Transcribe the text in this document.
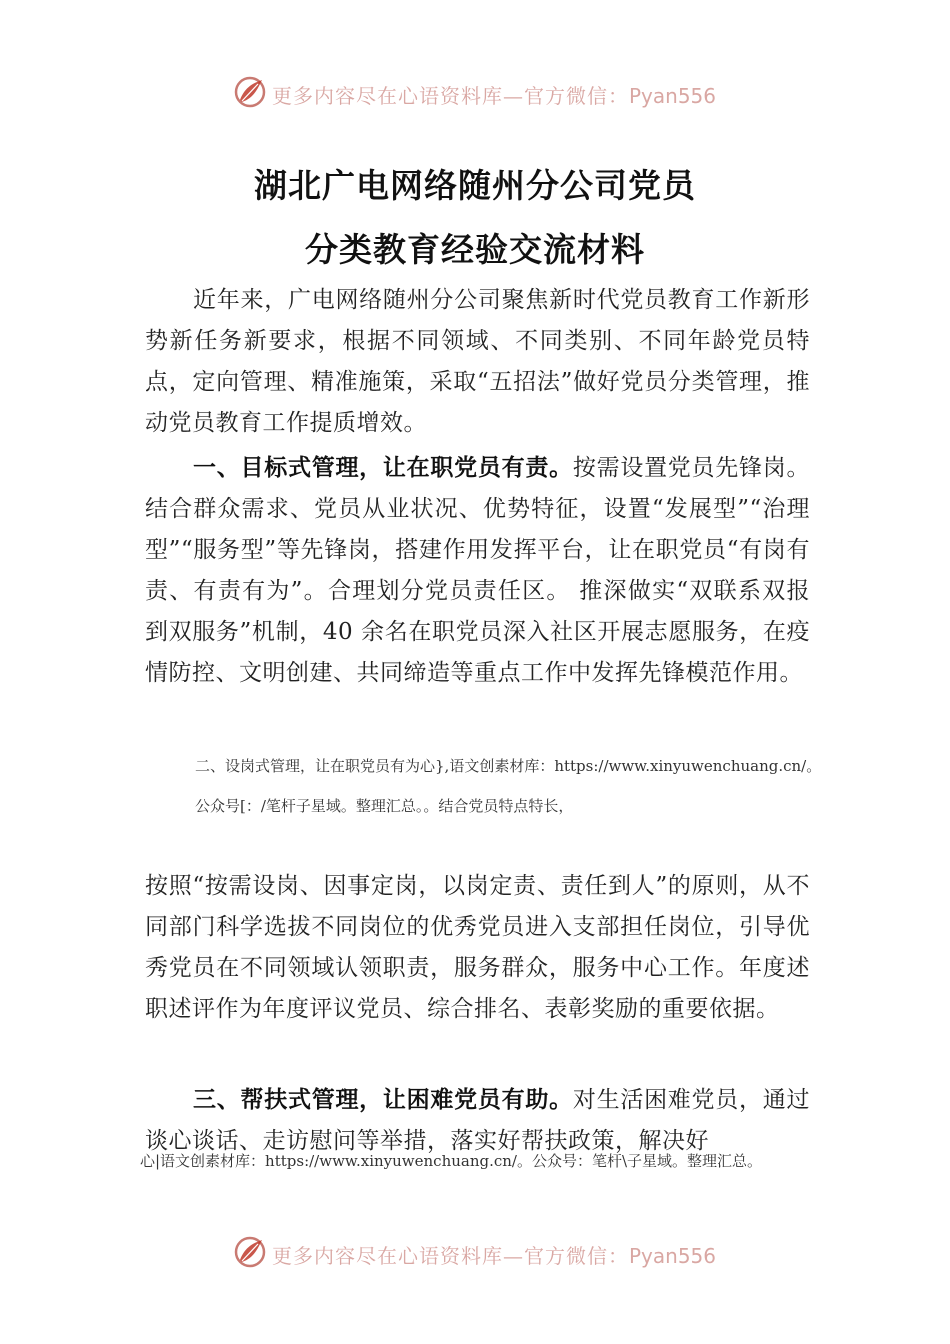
更多内容尽在心语资料库—官方微信：Pyan556
湖北广电网络随州分公司党员
分类教育经验交流材料
近年来，广电网络随州分公司聚焦新时代党员教育工作新形势新任务新要求，根据不同领域、不同类别、不同年龄党员特点，定向管理、精准施策，采取“五招法”做好党员分类管理，推动党员教育工作提质增效。
一、目标式管理，让在职党员有责。按需设置党员先锋岗。结合群众需求、党员从业状况、优势特征，设置“发展型”“治理型”“服务型”等先锋岗，搭建作用发挥平台，让在职党员“有岗有责、有责有为”。合理划分党员责任区。 推深做实“双联系双报到双服务”机制，40 余名在职党员深入社区开展志愿服务，在疫情防控、文明创建、共同缔造等重点工作中发挥先锋模范作用。
二、设岗式管理，让在职党员有为心},语文创素材库：https://www.xinyuwenchuang.cn/。公众号[：/笔杆子星域。整理汇总。。结合党员特点特长，
按照“按需设岗、因事定岗，以岗定责、责任到人”的原则，从不同部门科学选拔不同岗位的优秀党员进入支部担任岗位，引导优秀党员在不同领域认领职责，服务群众，服务中心工作。年度述职述评作为年度评议党员、综合排名、表彰奖励的重要依据。
三、帮扶式管理，让困难党员有助。对生活困难党员，通过谈心谈话、走访慰问等举措，落实好帮扶政策，解决好
心|语文创素材库：https://www.xinyuwenchuang.cn/。公众号：笔杆\子星域。整理汇总。
更多内容尽在心语资料库—官方微信：Pyan556
